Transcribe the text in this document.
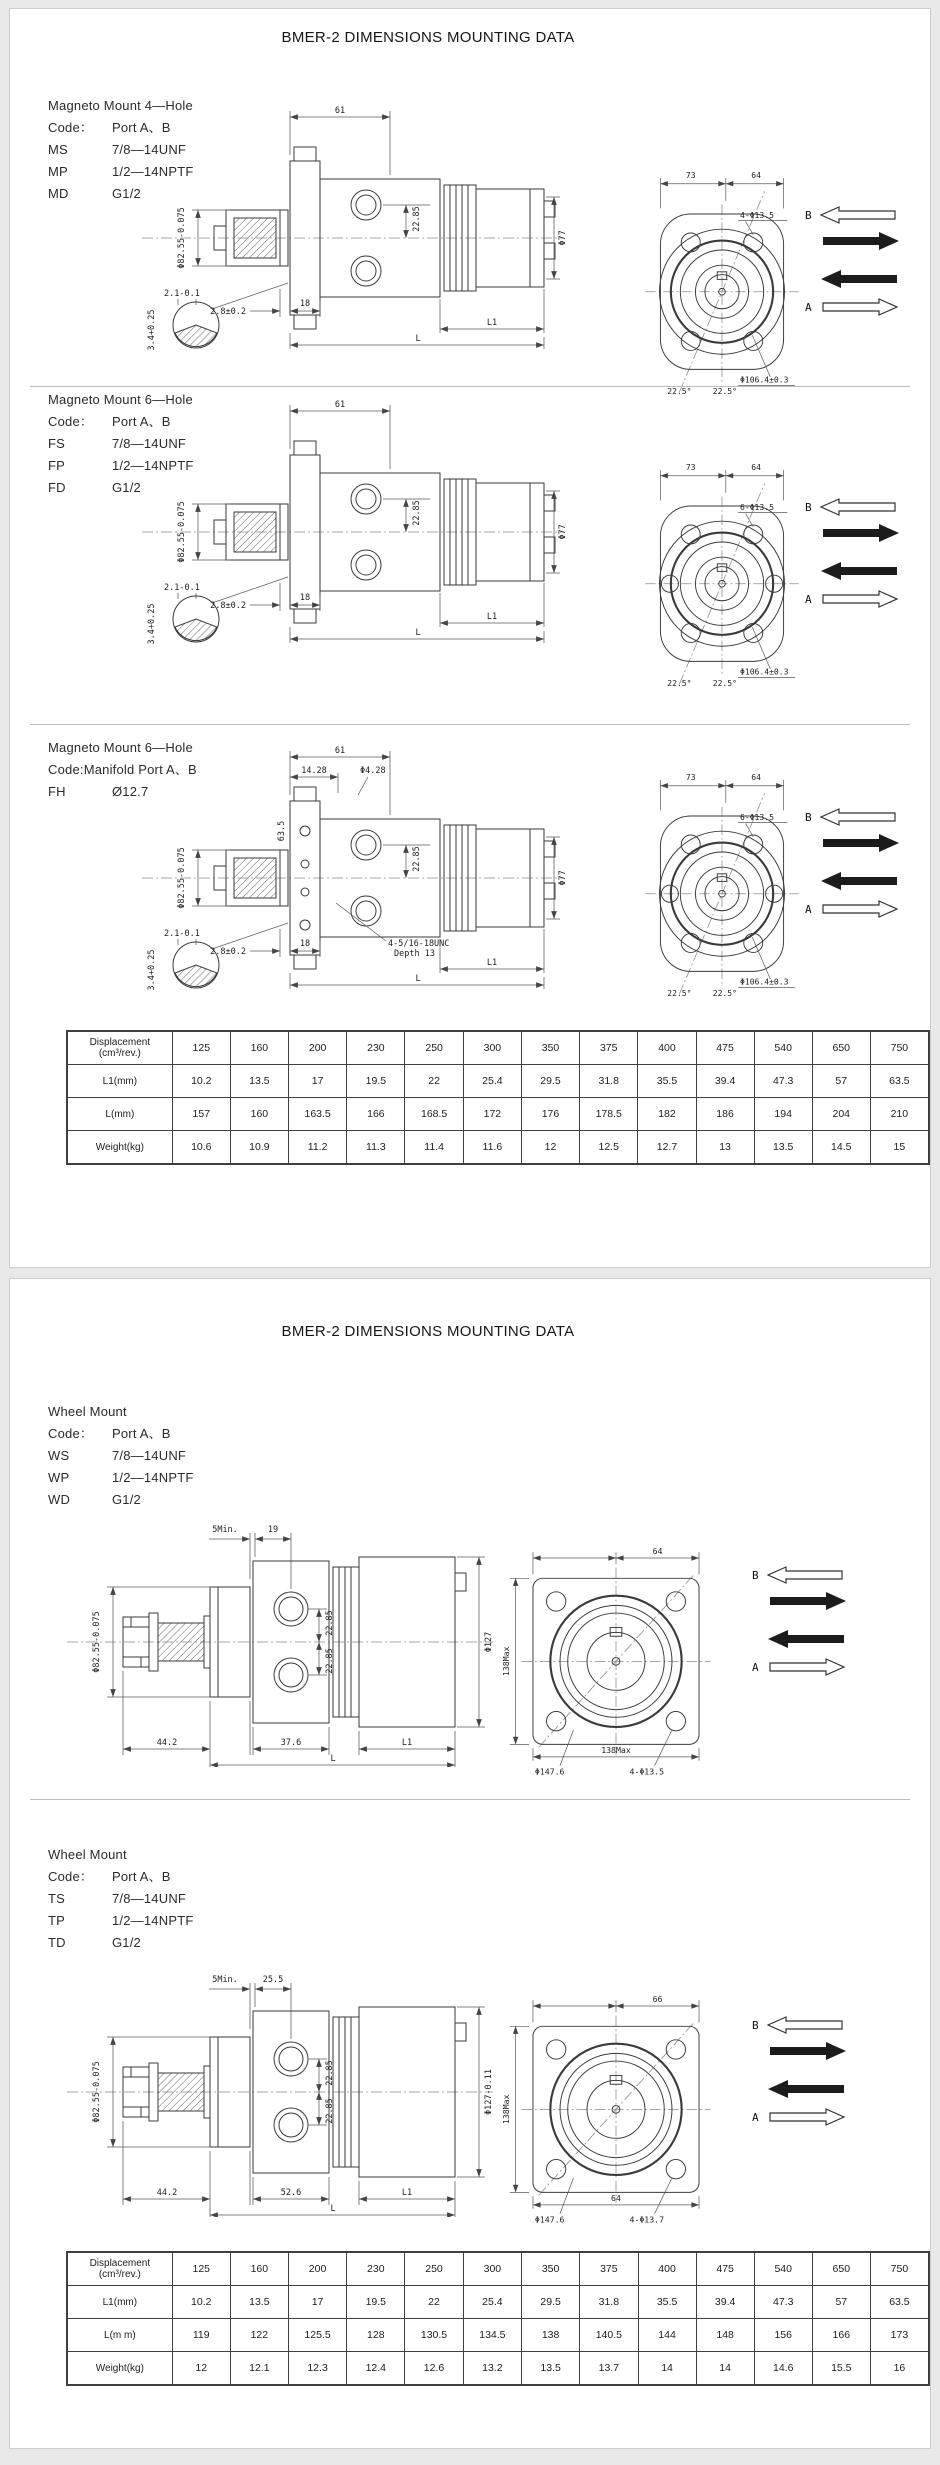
BMER-2 DIMENSIONS MOUNTING DATA
Magneto Mount 4—Hole
Code： Port A、B
MS	7/8—14UNF
MP	1/2—14NPTF
MD	G1/2
61
Φ82.55-0.075	22.85
Φ77
2.8±0.2
18
L1
L
2.1-0.1
3.4+0.25
73	64
4-Φ13.5
Φ106.4±0.3
22.5° 22.5°
B
A
Magneto Mount 6—Hole
Code： Port A、B
FS	7/8—14UNF
FP	1/2—14NPTF
FD	G1/2
61
Φ82.55-0.075	22.85
Φ77
2.8±0.2
18
L1
L
2.1-0.1
3.4+0.25
73	64
6-Φ13.5
Φ106.4±0.3
22.5° 22.5°
B
A
Magneto Mount 6—Hole
Code:Manifold Port A、B
FH	Ø12.7
61
14.28	Φ4.28
63.5
4-5/16-18UNC
Depth 13
Φ82.55-0.075	22.85
Φ77
2.8±0.2
18
L1
L
2.1-0.1
3.4+0.25
73	64
6-Φ13.5
Φ106.4±0.3
22.5° 22.5°
B
A
Displacement (cm³/rev.)	125	160	200	230	250	300	350	375	400	475	540	650	750
L1(mm)	10.2	13.5	17	19.5	22	25.4	29.5	31.8	35.5	39.4	47.3	57	63.5
L(mm)	157	160	163.5	166	168.5	172	176	178.5	182	186	194	204	210
Weight(kg)	10.6	10.9	11.2	11.3	11.4	11.6	12	12.5	12.7	13	13.5	14.5	15
BMER-2 DIMENSIONS MOUNTING DATA
Wheel Mount
Code： Port A、B
WS	7/8—14UNF
WP	1/2—14NPTF
WD	G1/2
5Min.	19
Φ82.55-0.075	22.85
22.85
Φ127
44.2	37.6	L1
L
64
138Max
Φ147.6	4-Φ13.5
138Max
B
A
Wheel Mount
Code： Port A、B
TS	7/8—14UNF
TP	1/2—14NPTF
TD	G1/2
5Min.	25.5
Φ82.55-0.075	22.85
22.85	Φ127-0.11
44.2	52.6	L1
L
66
138Max
Φ147.6	4-Φ13.7
64
B
A
Displacement (cm³/rev.)	125	160	200	230	250	300	350	375	400	475	540	650	750
L1(mm)	10.2	13.5	17	19.5	22	25.4	29.5	31.8	35.5	39.4	47.3	57	63.5
L(m m)	119	122	125.5	128	130.5	134.5	138	140.5	144	148	156	166	173
Weight(kg)	12	12.1	12.3	12.4	12.6	13.2	13.5	13.7	14	14	14.6	15.5	16
